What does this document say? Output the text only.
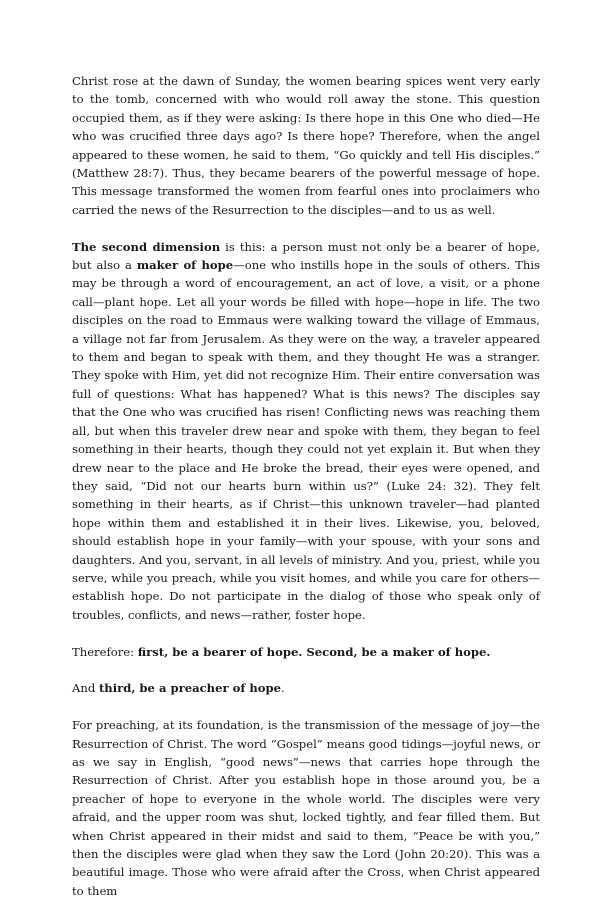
Christ rose at the dawn of Sunday, the women bearing spices went very early to the tomb, concerned with who would roll away the stone. This question occupied them, as if they were asking: Is there hope in this One who died—He who was crucified three days ago? Is there hope? Therefore, when the angel appeared to these women, he said to them, “Go quickly and tell His disciples.” (Matthew 28:7). Thus, they became bearers of the powerful message of hope. This message transformed the women from fearful ones into proclaimers who carried the news of the Resurrection to the disciples—and to us as well.

The second dimension is this: a person must not only be a bearer of hope, but also a maker of hope—one who instills hope in the souls of others. This may be through a word of encouragement, an act of love, a visit, or a phone call—plant hope. Let all your words be filled with hope—hope in life. The two disciples on the road to Emmaus were walking toward the village of Emmaus, a village not far from Jerusalem. As they were on the way, a traveler appeared to them and began to speak with them, and they thought He was a stranger. They spoke with Him, yet did not recognize Him. Their entire conversation was full of questions: What has happened? What is this news? The disciples say that the One who was crucified has risen! Conflicting news was reaching them all, but when this traveler drew near and spoke with them, they began to feel something in their hearts, though they could not yet explain it. But when they drew near to the place and He broke the bread, their eyes were opened, and they said, “Did not our hearts burn within us?” (Luke 24: 32). They felt something in their hearts, as if Christ—this unknown traveler—had planted hope within them and established it in their lives. Likewise, you, beloved, should establish hope in your family—with your spouse, with your sons and daughters. And you, servant, in all levels of ministry. And you, priest, while you serve, while you preach, while you visit homes, and while you care for others—establish hope. Do not participate in the dialog of those who speak only of troubles, conflicts, and news—rather, foster hope.

Therefore: first, be a bearer of hope. Second, be a maker of hope.

And third, be a preacher of hope.

For preaching, at its foundation, is the transmission of the message of joy—the Resurrection of Christ. The word “Gospel” means good tidings—joyful news, or as we say in English, “good news”—news that carries hope through the Resurrection of Christ. After you establish hope in those around you, be a preacher of hope to everyone in the whole world. The disciples were very afraid, and the upper room was shut, locked tightly, and fear filled them. But when Christ appeared in their midst and said to them, “Peace be with you,” then the disciples were glad when they saw the Lord (John 20:20). This was a beautiful image. Those who were afraid after the Cross, when Christ appeared to them
